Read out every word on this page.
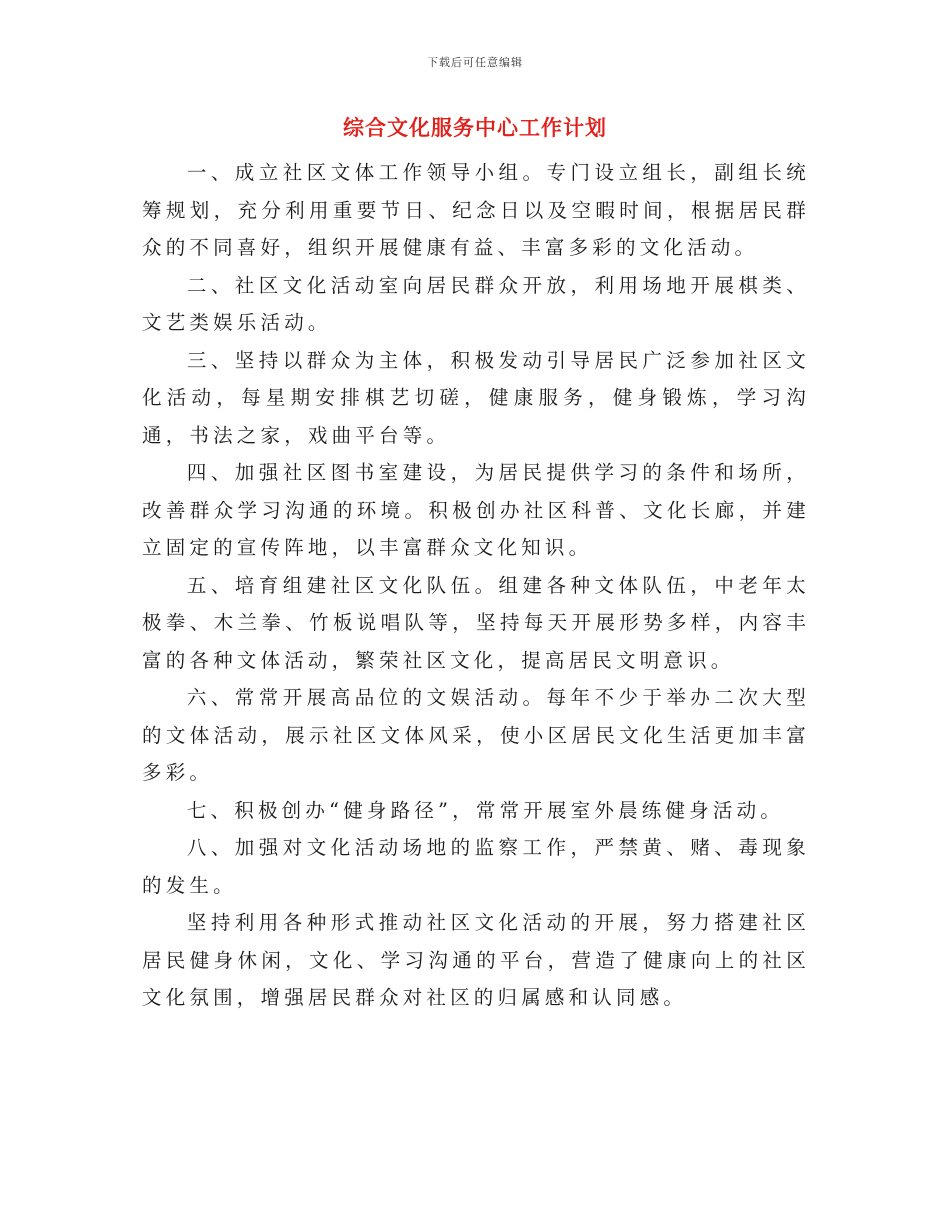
下载后可任意编辑
综合文化服务中心工作计划

一、成立社区文体工作领导小组。专门设立组长，副组长统筹规划，充分利用重要节日、纪念日以及空暇时间，根据居民群众的不同喜好，组织开展健康有益、丰富多彩的文化活动。

二、社区文化活动室向居民群众开放，利用场地开展棋类、文艺类娱乐活动。

三、坚持以群众为主体，积极发动引导居民广泛参加社区文化活动，每星期安排棋艺切磋，健康服务，健身锻炼，学习沟通，书法之家，戏曲平台等。

四、加强社区图书室建设，为居民提供学习的条件和场所，改善群众学习沟通的环境。积极创办社区科普、文化长廊，并建立固定的宣传阵地，以丰富群众文化知识。

五、培育组建社区文化队伍。组建各种文体队伍，中老年太极拳、木兰拳、竹板说唱队等，坚持每天开展形势多样，内容丰富的各种文体活动，繁荣社区文化，提高居民文明意识。

六、常常开展高品位的文娱活动。每年不少于举办二次大型的文体活动，展示社区文体风采，使小区居民文化生活更加丰富多彩。

七、积极创办“健身路径”，常常开展室外晨练健身活动。

八、加强对文化活动场地的监察工作，严禁黄、赌、毒现象的发生。

坚持利用各种形式推动社区文化活动的开展，努力搭建社区居民健身休闲，文化、学习沟通的平台，营造了健康向上的社区文化氛围，增强居民群众对社区的归属感和认同感。
